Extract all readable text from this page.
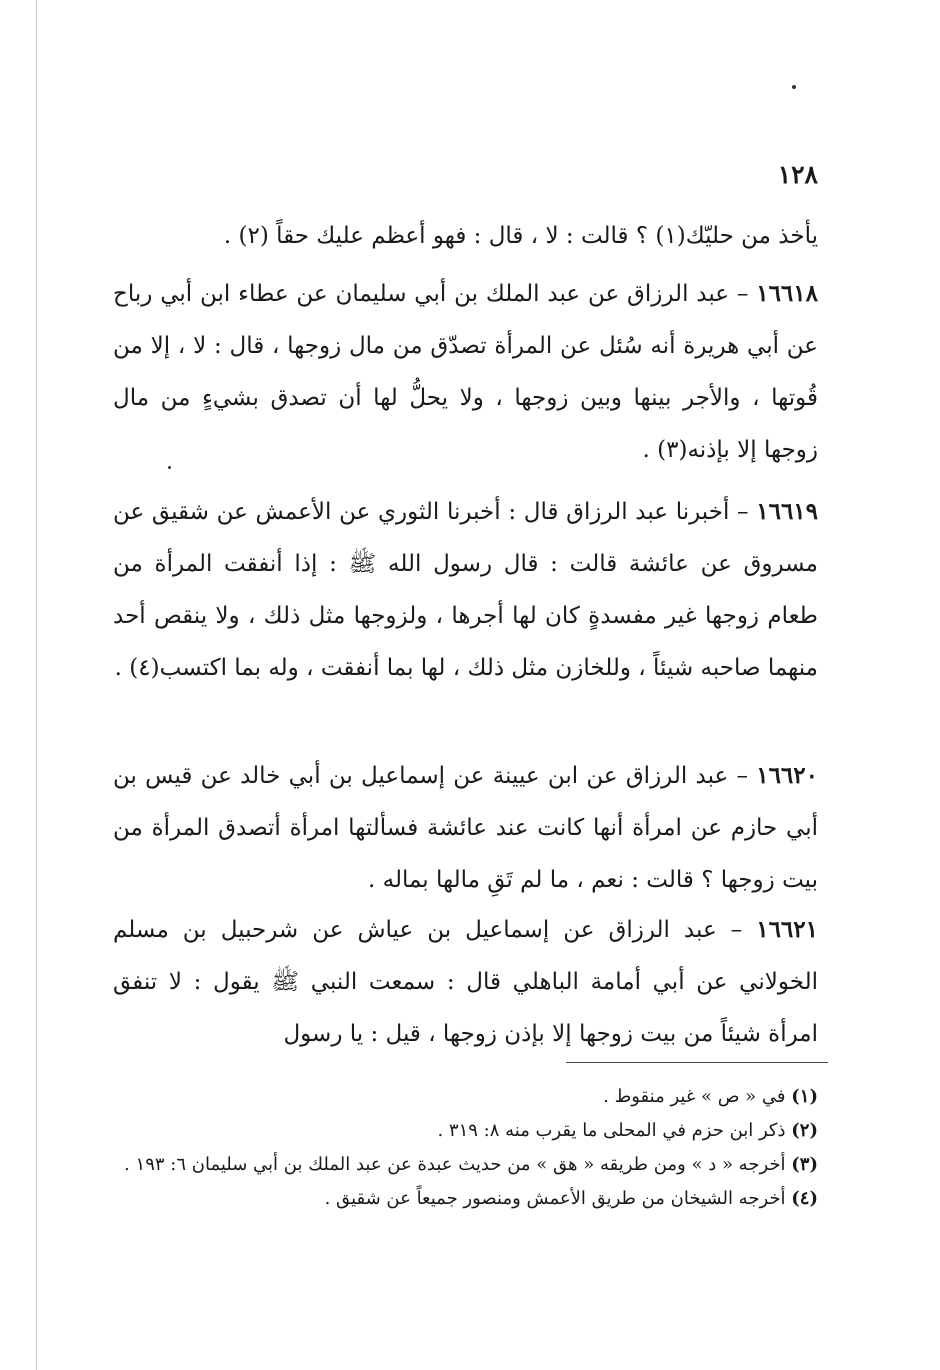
١٢٨

يأخذ من حليّك(١) ؟ قالت : لا ، قال : فهو أعظم عليك حقاً (٢) .

١٦٦١٨ – عبد الرزاق عن عبد الملك بن أبي سليمان عن عطاء ابن أبي رباح عن أبي هريرة أنه سُئل عن المرأة تصدّق من مال زوجها ، قال : لا ، إلا من قُوتها ، والأجر بينها وبين زوجها ، ولا يحلُّ لها أن تصدق بشيءٍ من مال زوجها إلا بإذنه(٣) .

١٦٦١٩ – أخبرنا عبد الرزاق قال : أخبرنا الثوري عن الأعمش عن شقيق عن مسروق عن عائشة قالت : قال رسول الله ﷺ : إذا أنفقت المرأة من طعام زوجها غير مفسدةٍ كان لها أجرها ، ولزوجها مثل ذلك ، ولا ينقص أحد منهما صاحبه شيئاً ، وللخازن مثل ذلك ، لها بما أنفقت ، وله بما اكتسب(٤) .

١٦٦٢٠ – عبد الرزاق عن ابن عيينة عن إسماعيل بن أبي خالد عن قيس بن أبي حازم عن امرأة أنها كانت عند عائشة فسألتها امرأة أتصدق المرأة من بيت زوجها ؟ قالت : نعم ، ما لم تَقِ مالها بماله .

١٦٦٢١ – عبد الرزاق عن إسماعيل بن عياش عن شرحبيل بن مسلم الخولاني عن أبي أمامة الباهلي قال : سمعت النبي ﷺ يقول : لا تنفق امرأة شيئاً من بيت زوجها إلا بإذن زوجها ، قيل : يا رسول

(١) في « ص » غير منقوط .
(٢) ذكر ابن حزم في المحلى ما يقرب منه ٨: ٣١٩ .
(٣) أخرجه « د » ومن طريقه « هق » من حديث عبدة عن عبد الملك بن أبي سليمان ٦: ١٩٣ .
(٤) أخرجه الشيخان من طريق الأعمش ومنصور جميعاً عن شقيق .
